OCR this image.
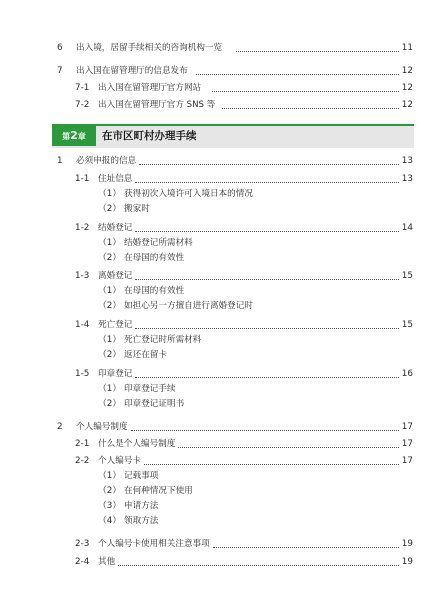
6 出入境，居留手续相关的咨询机构一览	11
7 出入国在留管理厅的信息发布	12
7-1 出入国在留管理厅官方网站	12
7-2 出入国在留管理厅官方 SNS 等	12
第2章	在市区町村办理手续
1 必须申报的信息	13
1-1 住址信息	13
（1） 获得初次入境许可入境日本的情况
（2） 搬家时
1-2 结婚登记	14
（1） 结婚登记所需材料
（2） 在母国的有效性
1-3 离婚登记	15
（1） 在母国的有效性
（2） 如担心另一方擅自进行离婚登记时
1-4 死亡登记	15
（1） 死亡登记时所需材料
（2） 返还在留卡
1-5 印章登记	16
（1） 印章登记手续
（2） 印章登记证明书
2 个人编号制度	17
2-1 什么是个人编号制度	17
2-2 个人编号卡	17
（1） 记载事项
（2） 在何种情况下使用
（3） 申请方法
（4） 领取方法
2-3 个人编号卡使用相关注意事项	19
2-4 其他	19
